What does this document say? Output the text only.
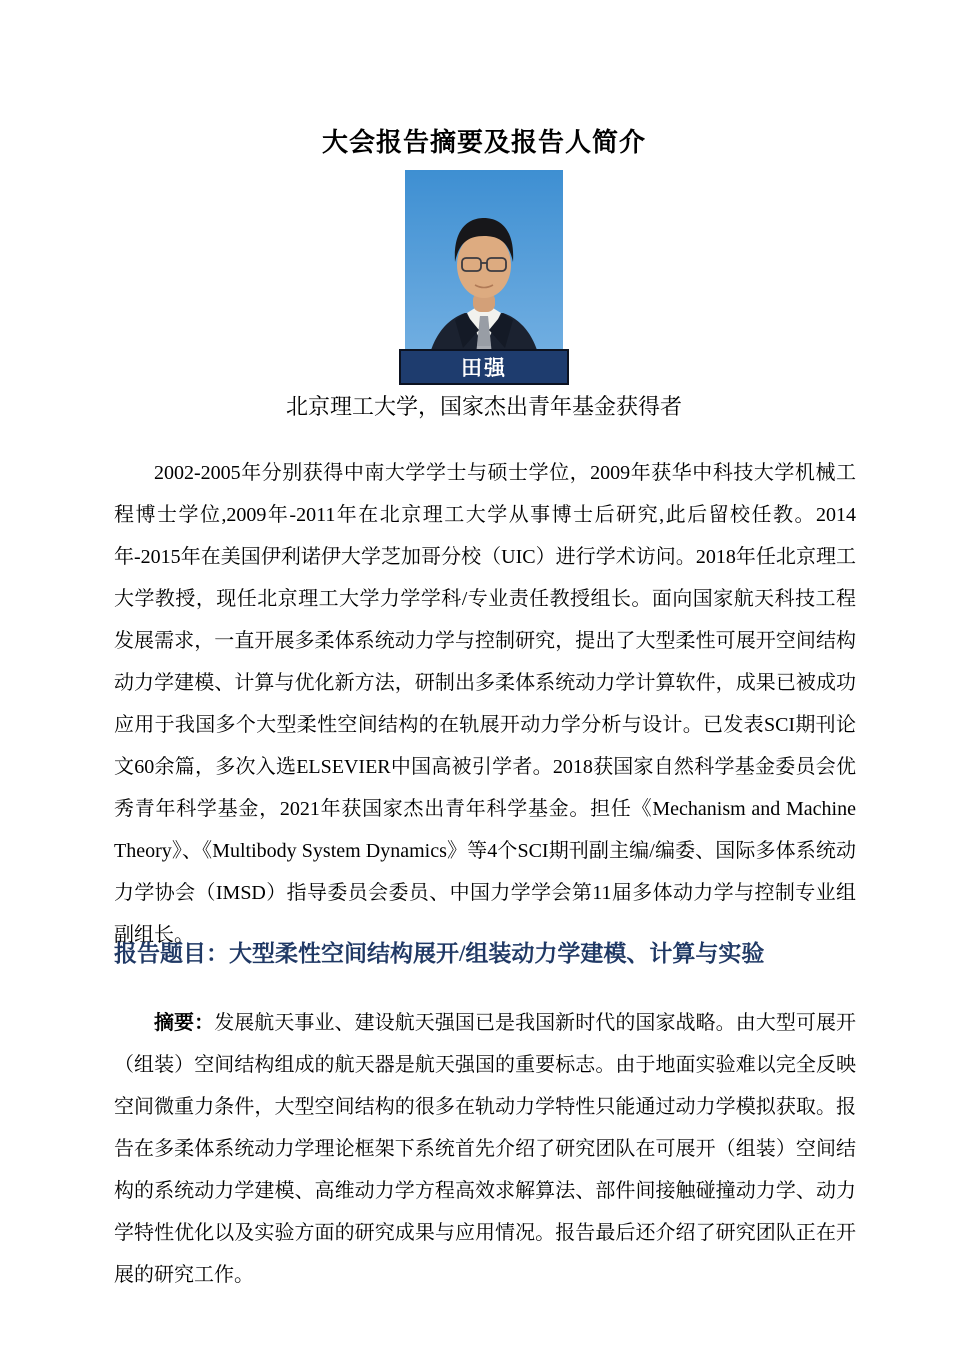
大会报告摘要及报告人简介
田强
北京理工大学，国家杰出青年基金获得者

2002-2005年分别获得中南大学学士与硕士学位，2009年获华中科技大学机械工程博士学位,2009年-2011年在北京理工大学从事博士后研究,此后留校任教。2014年-2015年在美国伊利诺伊大学芝加哥分校（UIC）进行学术访问。2018年任北京理工大学教授，现任北京理工大学力学学科/专业责任教授组长。面向国家航天科技工程发展需求，一直开展多柔体系统动力学与控制研究，提出了大型柔性可展开空间结构动力学建模、计算与优化新方法，研制出多柔体系统动力学计算软件，成果已被成功应用于我国多个大型柔性空间结构的在轨展开动力学分析与设计。已发表SCI期刊论文60余篇，多次入选ELSEVIER中国高被引学者。2018获国家自然科学基金委员会优秀青年科学基金，2021年获国家杰出青年科学基金。担任《Mechanism and Machine Theory》、《Multibody System Dynamics》等4个SCI期刊副主编/编委、国际多体系统动力学协会（IMSD）指导委员会委员、中国力学学会第11届多体动力学与控制专业组副组长。

报告题目：大型柔性空间结构展开/组装动力学建模、计算与实验

摘要：发展航天事业、建设航天强国已是我国新时代的国家战略。由大型可展开（组装）空间结构组成的航天器是航天强国的重要标志。由于地面实验难以完全反映空间微重力条件，大型空间结构的很多在轨动力学特性只能通过动力学模拟获取。报告在多柔体系统动力学理论框架下系统首先介绍了研究团队在可展开（组装）空间结构的系统动力学建模、高维动力学方程高效求解算法、部件间接触碰撞动力学、动力学特性优化以及实验方面的研究成果与应用情况。报告最后还介绍了研究团队正在开展的研究工作。
